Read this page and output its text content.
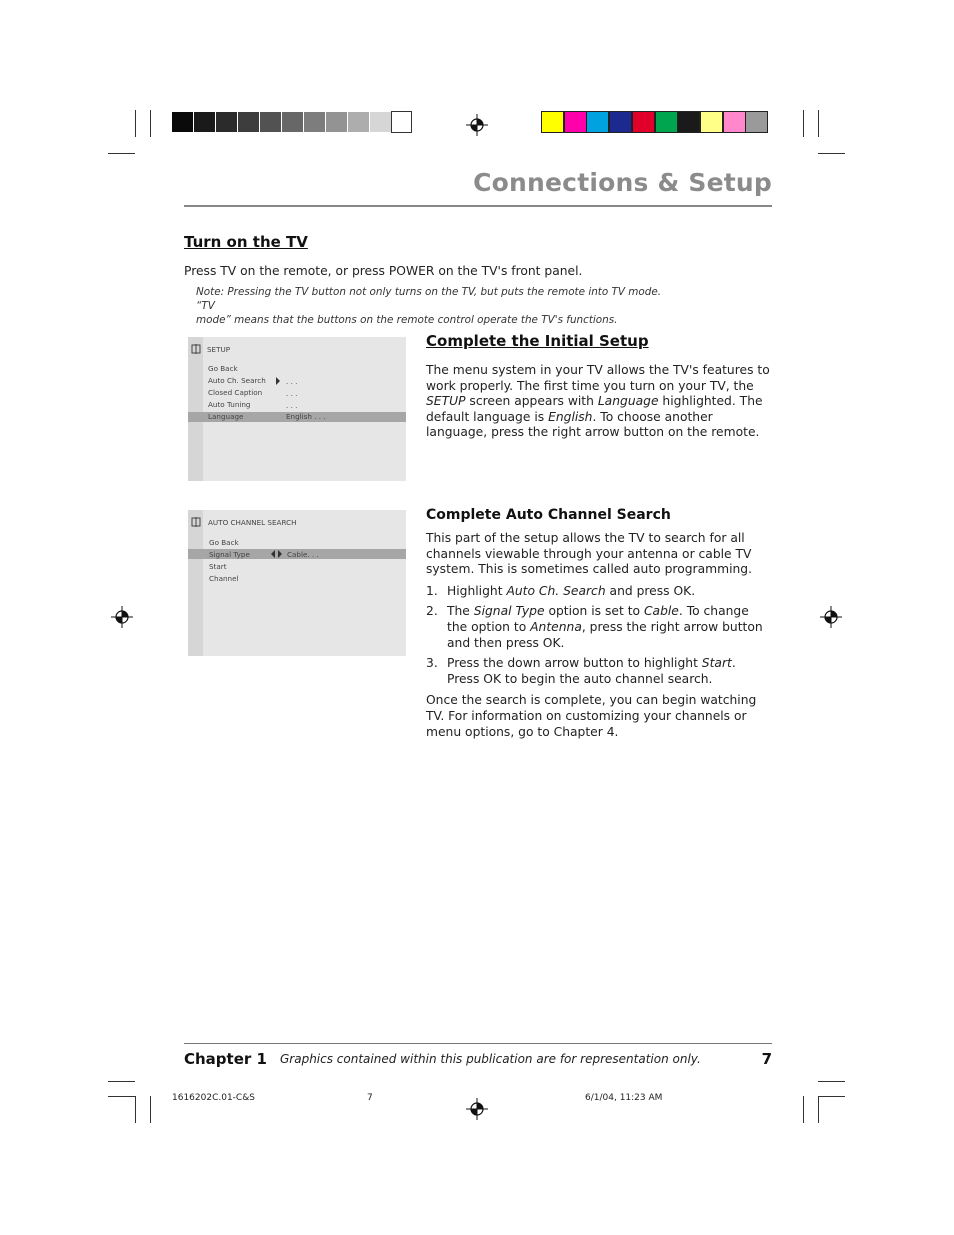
Connections & Setup
Turn on the TV
Press TV on the remote, or press POWER on the TV's front panel.
Note: Pressing the TV button not only turns on the TV, but puts the remote into TV mode. “TV
mode” means that the buttons on the remote control operate the TV's functions.
SETUP
Go Back
Auto Ch. Search
Closed Caption
Auto Tuning
Language
. . .
. . .
. . .
English . . .
Complete the Initial Setup
The menu system in your TV allows the TV's features to work properly. The first time you turn on your TV, the SETUP screen appears with Language highlighted. The default language is English. To choose another language, press the right arrow button on the remote.
AUTO CHANNEL SEARCH
Go Back
Signal Type
Start
Channel
Cable. . .
Complete Auto Channel Search
This part of the setup allows the TV to search for all channels viewable through your antenna or cable TV system. This is sometimes called auto programming.
1. Highlight Auto Ch. Search and press OK.
2. The Signal Type option is set to Cable. To change the option to Antenna, press the right arrow button and then press OK.
3. Press the down arrow button to highlight Start. Press OK to begin the auto channel search.
Once the search is complete, you can begin watching TV. For information on customizing your channels or menu options, go to Chapter 4.
Chapter 1 Graphics contained within this publication are for representation only.	7
1616202C.01-C&S	7	6/1/04, 11:23 AM
